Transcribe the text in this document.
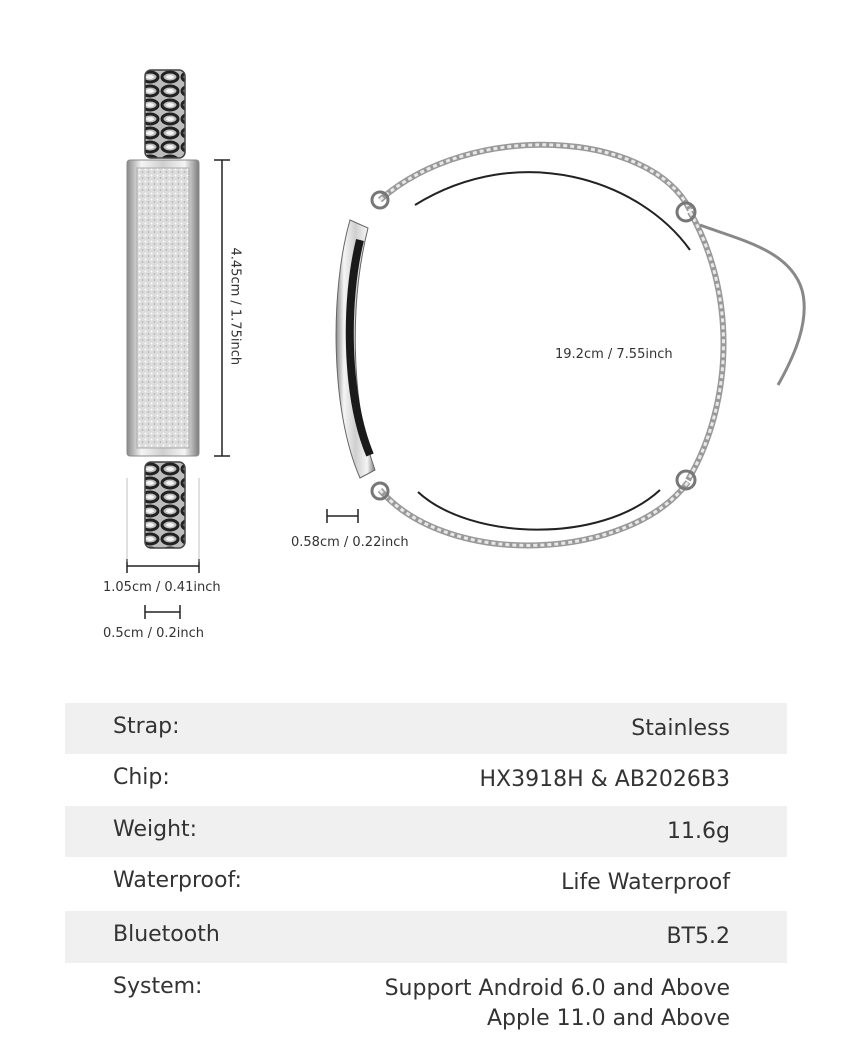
4.45cm / 1.75inch	19.2cm / 7.55inch
0.58cm / 0.22inch
1.05cm / 0.41inch
0.5cm / 0.2inch
Strap:	Stainless
Chip:	HX3918H & AB2026B3
Weight:	11.6g
Waterproof:	Life Waterproof
Bluetooth	BT5.2
System:	Support Android 6.0 and Above
Apple 11.0 and Above
